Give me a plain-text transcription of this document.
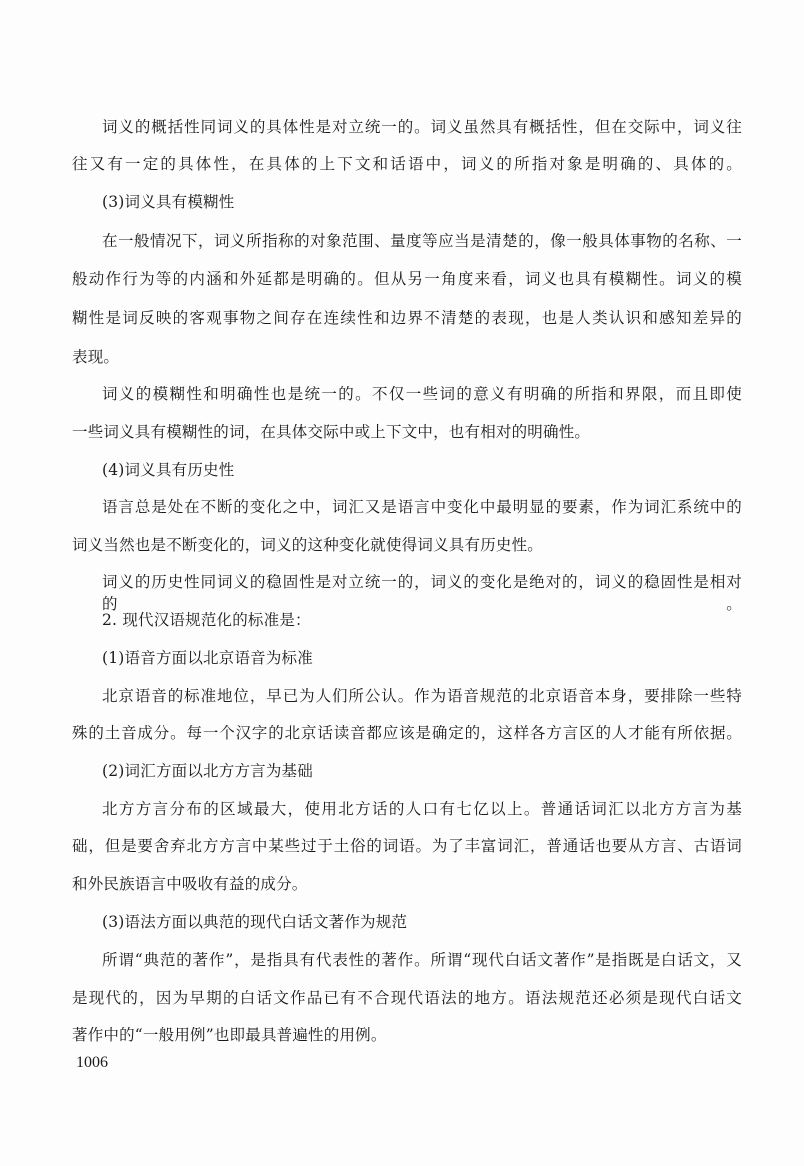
词义的概括性同词义的具体性是对立统一的。词义虽然具有概括性，但在交际中，词义往
往又有一定的具体性，在具体的上下文和话语中，词义的所指对象是明确的、具体的。
(3)词义具有模糊性
在一般情况下，词义所指称的对象范围、量度等应当是清楚的，像一般具体事物的名称、一
般动作行为等的内涵和外延都是明确的。但从另一角度来看，词义也具有模糊性。词义的模
糊性是词反映的客观事物之间存在连续性和边界不清楚的表现，也是人类认识和感知差异的
表现。
词义的模糊性和明确性也是统一的。不仅一些词的意义有明确的所指和界限，而且即使
一些词义具有模糊性的词，在具体交际中或上下文中，也有相对的明确性。
(4)词义具有历史性
语言总是处在不断的变化之中，词汇又是语言中变化中最明显的要素，作为词汇系统中的
词义当然也是不断变化的，词义的这种变化就使得词义具有历史性。
词义的历史性同词义的稳固性是对立统一的，词义的变化是绝对的，词义的稳固性是相对的。
2. 现代汉语规范化的标准是：
(1)语音方面以北京语音为标准
北京语音的标准地位，早已为人们所公认。作为语音规范的北京语音本身，要排除一些特
殊的土音成分。每一个汉字的北京话读音都应该是确定的，这样各方言区的人才能有所依据。
(2)词汇方面以北方方言为基础
北方方言分布的区域最大，使用北方话的人口有七亿以上。普通话词汇以北方方言为基
础，但是要舍弃北方方言中某些过于土俗的词语。为了丰富词汇，普通话也要从方言、古语词
和外民族语言中吸收有益的成分。
(3)语法方面以典范的现代白话文著作为规范
所谓“典范的著作”，是指具有代表性的著作。所谓“现代白话文著作”是指既是白话文，又
是现代的，因为早期的白话文作品已有不合现代语法的地方。语法规范还必须是现代白话文
著作中的“一般用例”也即最具普遍性的用例。
1006
